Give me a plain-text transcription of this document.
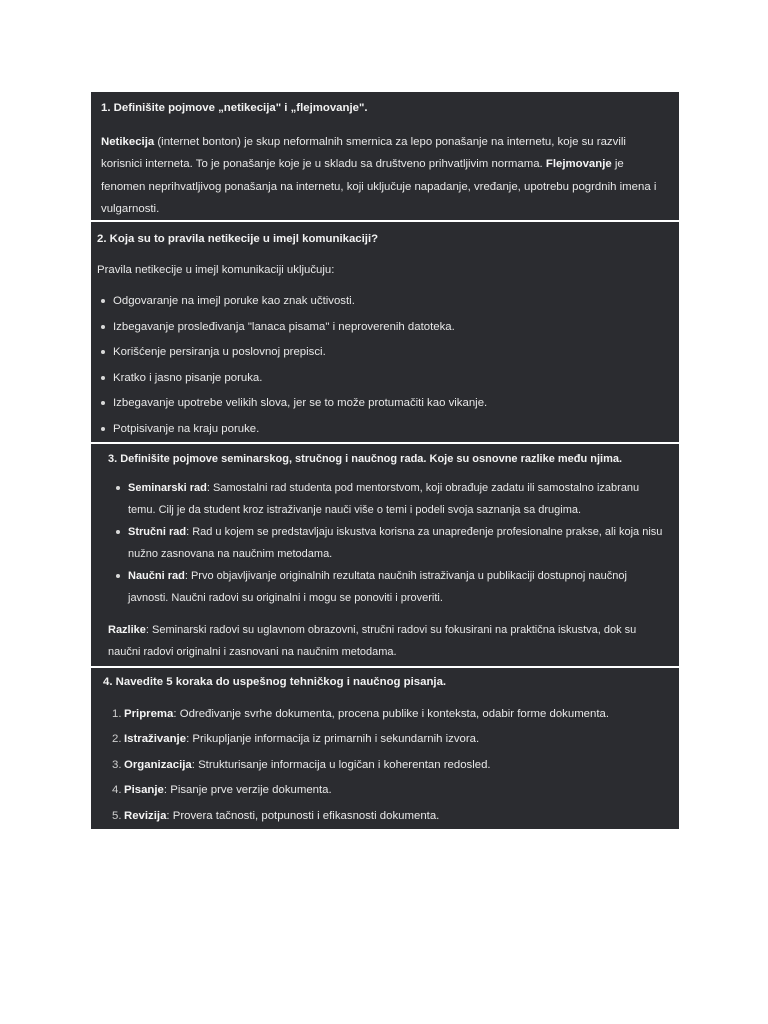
1. Definišite pojmove „netikecija" i „flejmovanje".
Netikecija (internet bonton) je skup neformalnih smernica za lepo ponašanje na internetu, koje su razvili korisnici interneta. To je ponašanje koje je u skladu sa društveno prihvatljivim normama. Flejmovanje je fenomen neprihvatljivog ponašanja na internetu, koji uključuje napadanje, vređanje, upotrebu pogrdnih imena i vulgarnosti.
2. Koja su to pravila netikecije u imejl komunikaciji?
Pravila netikecije u imejl komunikaciji uključuju:
Odgovaranje na imejl poruke kao znak učtivosti.
Izbegavanje prosleđivanja "lanaca pisama" i neproverenih datoteka.
Korišćenje persiranja u poslovnoj prepisci.
Kratko i jasno pisanje poruka.
Izbegavanje upotrebe velikih slova, jer se to može protumačiti kao vikanje.
Potpisivanje na kraju poruke.
3. Definišite pojmove seminarskog, stručnog i naučnog rada. Koje su osnovne razlike među njima.
Seminarski rad: Samostalni rad studenta pod mentorstvom, koji obrađuje zadatu ili samostalno izabranu temu. Cilj je da student kroz istraživanje nauči više o temi i podeli svoja saznanja sa drugima.
Stručni rad: Rad u kojem se predstavljaju iskustva korisna za unapređenje profesionalne prakse, ali koja nisu nužno zasnovana na naučnim metodama.
Naučni rad: Prvo objavljivanje originalnih rezultata naučnih istraživanja u publikaciji dostupnoj naučnoj javnosti. Naučni radovi su originalni i mogu se ponoviti i proveriti.
Razlike: Seminarski radovi su uglavnom obrazovni, stručni radovi su fokusirani na praktična iskustva, dok su naučni radovi originalni i zasnovani na naučnim metodama.
4. Navedite 5 koraka do uspešnog tehničkog i naučnog pisanja.
1. Priprema: Određivanje svrhe dokumenta, procena publike i konteksta, odabir forme dokumenta.
2. Istraživanje: Prikupljanje informacija iz primarnih i sekundarnih izvora.
3. Organizacija: Strukturisanje informacija u logičan i koherentan redosled.
4. Pisanje: Pisanje prve verzije dokumenta.
5. Revizija: Provera tačnosti, potpunosti i efikasnosti dokumenta.
